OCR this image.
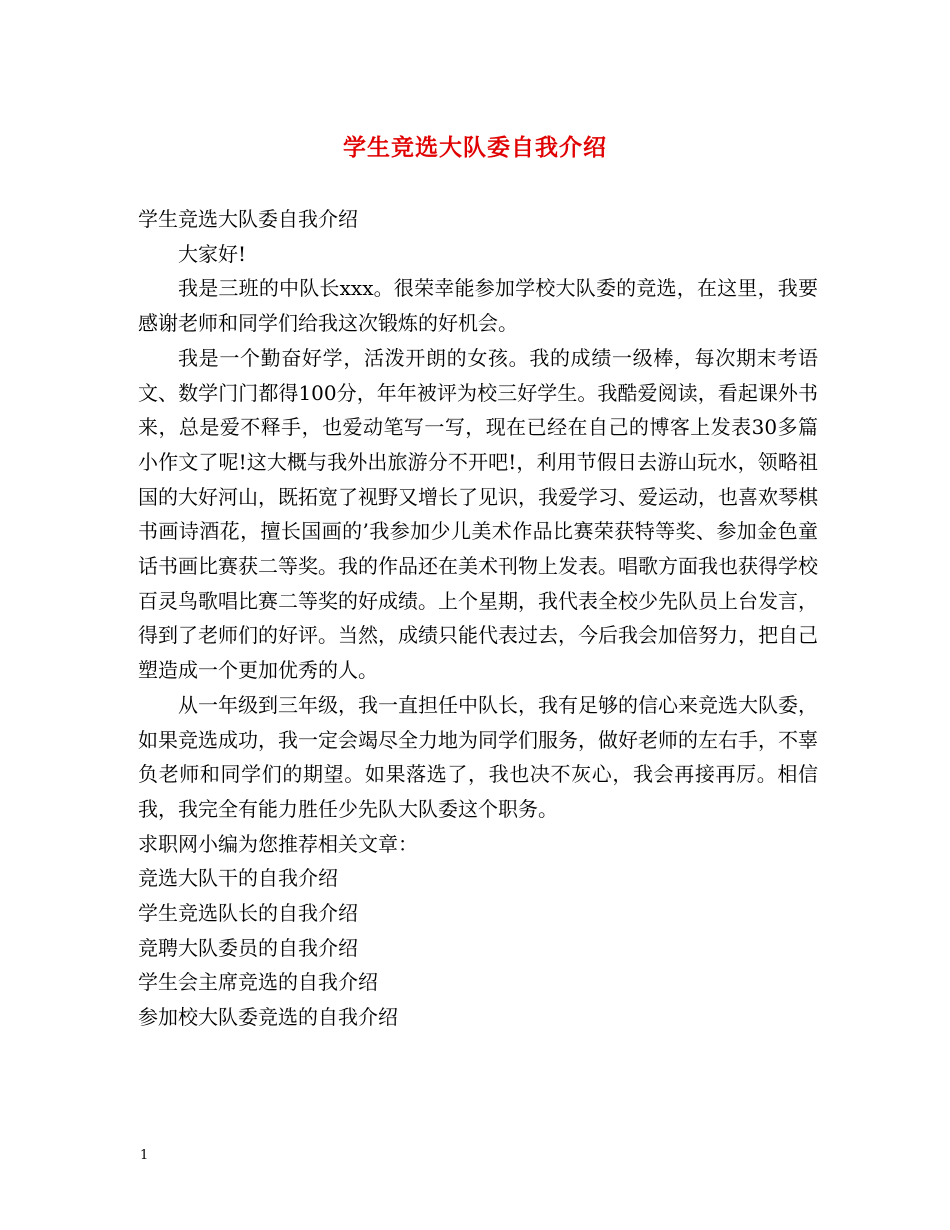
学生竞选大队委自我介绍

学生竞选大队委自我介绍

大家好!

我是三班的中队长xxx。很荣幸能参加学校大队委的竞选，在这里，我要感谢老师和同学们给我这次锻炼的好机会。

我是一个勤奋好学，活泼开朗的女孩。我的成绩一级棒，每次期末考语文、数学门门都得100分，年年被评为校三好学生。我酷爱阅读，看起课外书来，总是爱不释手，也爱动笔写一写，现在已经在自己的博客上发表30多篇小作文了呢!这大概与我外出旅游分不开吧!，利用节假日去游山玩水，领略祖国的大好河山，既拓宽了视野又增长了见识，我爱学习、爱运动，也喜欢琴棋书画诗酒花，擅长国画的’我参加少儿美术作品比赛荣获特等奖、参加金色童话书画比赛获二等奖。我的作品还在美术刊物上发表。唱歌方面我也获得学校百灵鸟歌唱比赛二等奖的好成绩。上个星期，我代表全校少先队员上台发言，得到了老师们的好评。当然，成绩只能代表过去，今后我会加倍努力，把自己塑造成一个更加优秀的人。

从一年级到三年级，我一直担任中队长，我有足够的信心来竞选大队委，如果竞选成功，我一定会竭尽全力地为同学们服务，做好老师的左右手，不辜负老师和同学们的期望。如果落选了，我也决不灰心，我会再接再厉。相信我，我完全有能力胜任少先队大队委这个职务。

求职网小编为您推荐相关文章：

竞选大队干的自我介绍

学生竞选队长的自我介绍

竞聘大队委员的自我介绍

学生会主席竞选的自我介绍

参加校大队委竞选的自我介绍

1
